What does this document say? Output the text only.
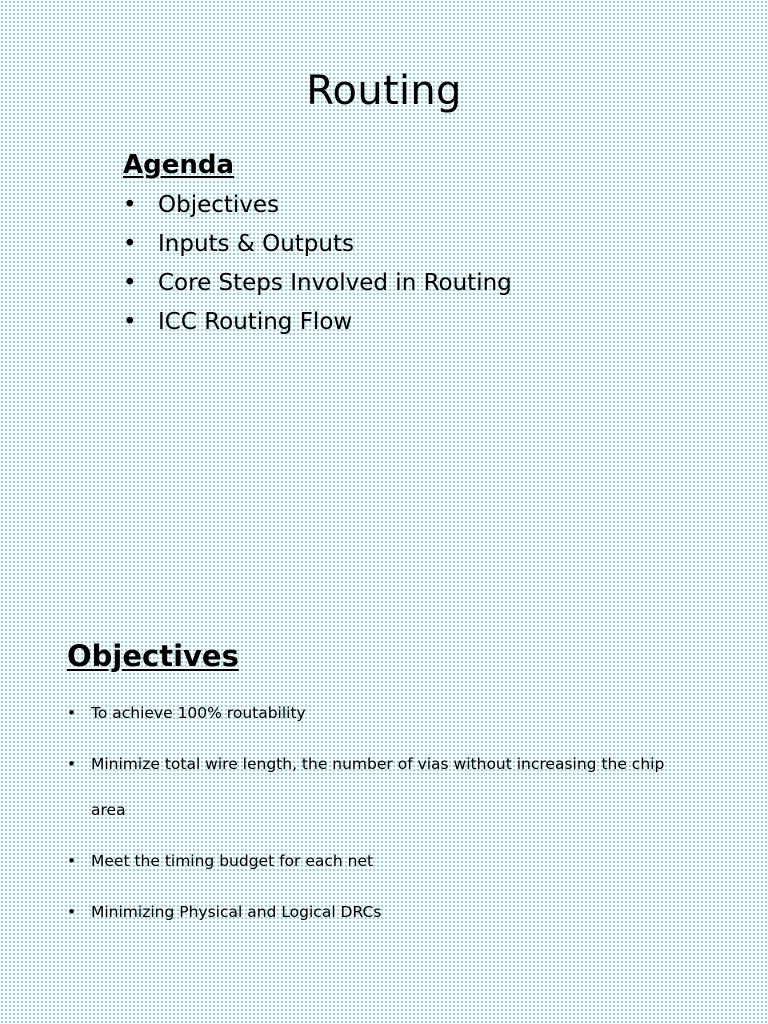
Routing
Agenda
• Objectives
• Inputs & Outputs
• Core Steps Involved in Routing
• ICC Routing Flow
Objectives
• To achieve 100% routability
• Minimize total wire length, the number of vias without increasing the chip area
• Meet the timing budget for each net
• Minimizing Physical and Logical DRCs
